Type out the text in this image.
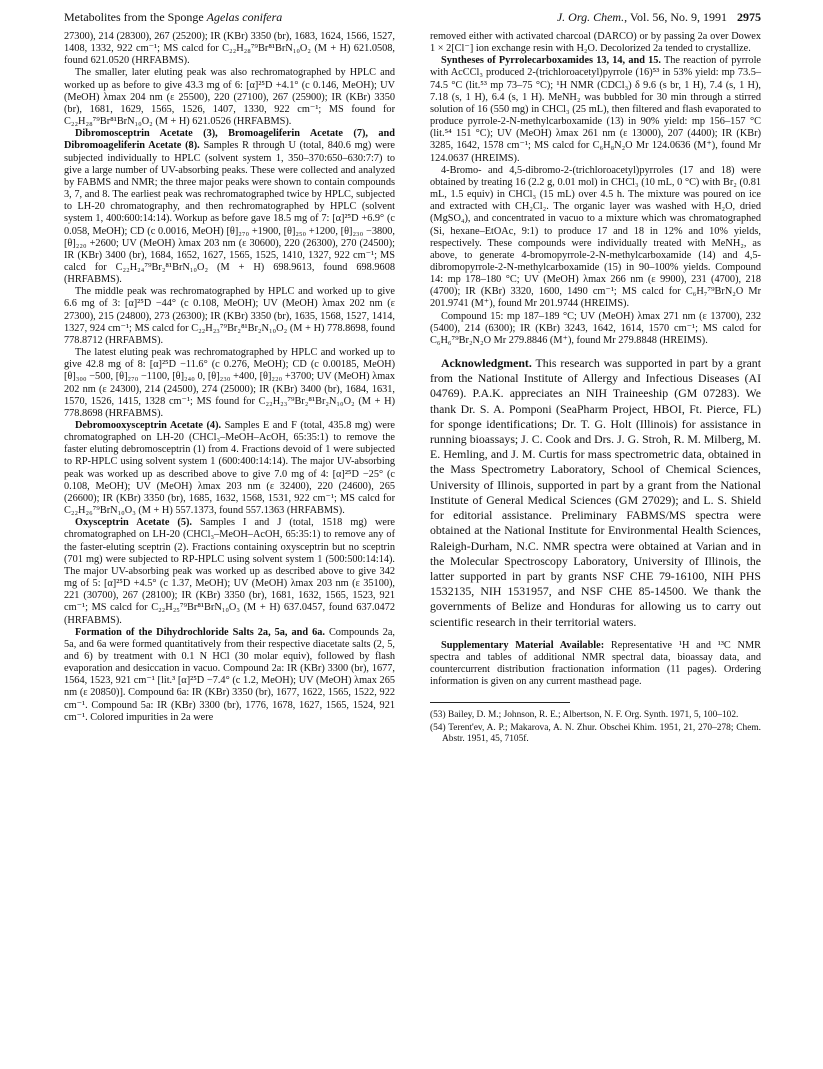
Metabolites from the Sponge Agelas conifera	J. Org. Chem., Vol. 56, No. 9, 1991 2975

27300), 214 (28300), 267 (25200); IR (KBr) 3350 (br), 1683, 1624, 1566, 1527, 1408, 1332, 922 cm⁻¹; MS calcd for C₂₂H₂₈⁷⁹Br⁸¹BrN₁₀O₂ (M + H) 621.0508, found 621.0520 (HRFABMS).

The smaller, later eluting peak was also rechromatographed by HPLC and worked up as before to give 43.3 mg of 6: [α]²⁵D +4.1° (c 0.146, MeOH); UV (MeOH) λmax 204 nm (ε 25500), 220 (27100), 267 (25900); IR (KBr) 3350 (br), 1681, 1629, 1565, 1526, 1407, 1330, 922 cm⁻¹; MS found for C₂₂H₂₈⁷⁹Br⁸¹BrN₁₀O₂ (M + H) 621.0526 (HRFABMS).

Dibromosceptrin Acetate (3), Bromoageliferin Acetate (7), and Dibromoageliferin Acetate (8). Samples R through U (total, 840.6 mg) were subjected individually to HPLC (solvent system 1, 350–370:650–630:7:7) to give a large number of UV-absorbing peaks. These were collected and analyzed by FABMS and NMR; the three major peaks were shown to contain compounds 3, 7, and 8. The earliest peak was rechromatographed twice by HPLC, subjected to LH-20 chromatography, and then rechromatographed by HPLC (solvent system 1, 400:600:14:14). Workup as before gave 18.5 mg of 7: [α]²⁵D +6.9° (c 0.058, MeOH); CD (c 0.0016, MeOH) [θ]₂₇₀ +1900, [θ]₂₅₀ +1200, [θ]₂₃₀ −3800, [θ]₂₂₀ +2600; UV (MeOH) λmax 203 nm (ε 30600), 220 (26300), 270 (24500); IR (KBr) 3400 (br), 1684, 1652, 1627, 1565, 1525, 1410, 1327, 922 cm⁻¹; MS calcd for C₂₂H₂₄⁷⁹Br₂⁸¹BrN₁₀O₂ (M + H) 698.9613, found 698.9608 (HRFABMS).

The middle peak was rechromatographed by HPLC and worked up to give 6.6 mg of 3: [α]²⁵D −44° (c 0.108, MeOH); UV (MeOH) λmax 202 nm (ε 27300), 215 (24800), 273 (26300); IR (KBr) 3350 (br), 1635, 1568, 1527, 1414, 1327, 924 cm⁻¹; MS calcd for C₂₂H₂₃⁷⁹Br₂⁸¹Br₂N₁₀O₂ (M + H) 778.8698, found 778.8712 (HRFABMS).

The latest eluting peak was rechromatographed by HPLC and worked up to give 42.8 mg of 8: [α]²⁵D −11.6° (c 0.276, MeOH); CD (c 0.00185, MeOH) [θ]₃₀₀ −500, [θ]₂₇₀ −1100, [θ]₂₄₀ 0, [θ]₂₃₀ +400, [θ]₂₂₀ +3700; UV (MeOH) λmax 202 nm (ε 24300), 214 (24500), 274 (25000); IR (KBr) 3400 (br), 1684, 1631, 1570, 1526, 1415, 1328 cm⁻¹; MS found for C₂₂H₂₃⁷⁹Br₂⁸¹Br₂N₁₀O₂ (M + H) 778.8698 (HRFABMS).

Debromooxysceptrin Acetate (4). Samples E and F (total, 435.8 mg) were chromatographed on LH-20 (CHCl₃–MeOH–AcOH, 65:35:1) to remove the faster eluting debromosceptrin (1) from 4. Fractions devoid of 1 were subjected to RP-HPLC using solvent system 1 (600:400:14:14). The major UV-absorbing peak was worked up as described above to give 7.0 mg of 4: [α]²⁵D −25° (c 0.108, MeOH); UV (MeOH) λmax 203 nm (ε 32400), 220 (24600), 265 (26600); IR (KBr) 3350 (br), 1685, 1632, 1568, 1531, 922 cm⁻¹; MS calcd for C₂₂H₂₆⁷⁹BrN₁₀O₃ (M + H) 557.1373, found 557.1363 (HRFABMS).

Oxysceptrin Acetate (5). Samples I and J (total, 1518 mg) were chromatographed on LH-20 (CHCl₃–MeOH–AcOH, 65:35:1) to remove any of the faster-eluting sceptrin (2). Fractions containing oxysceptrin but no sceptrin (701 mg) were subjected to RP-HPLC using solvent system 1 (500:500:14:14). The major UV-absorbing peak was worked up as described above to give 342 mg of 5: [α]²⁵D +4.5° (c 1.37, MeOH); UV (MeOH) λmax 203 nm (ε 35100), 221 (30700), 267 (28100); IR (KBr) 3350 (br), 1681, 1632, 1565, 1523, 921 cm⁻¹; MS calcd for C₂₂H₂₅⁷⁹Br⁸¹BrN₁₀O₃ (M + H) 637.0457, found 637.0472 (HRFABMS).

Formation of the Dihydrochloride Salts 2a, 5a, and 6a. Compounds 2a, 5a, and 6a were formed quantitatively from their respective diacetate salts (2, 5, and 6) by treatment with 0.1 N HCl (30 molar equiv), followed by flash evaporation and desiccation in vacuo. Compound 2a: IR (KBr) 3300 (br), 1677, 1564, 1523, 921 cm⁻¹ [lit.³ [α]²⁵D −7.4° (c 1.2, MeOH); UV (MeOH) λmax 265 nm (ε 20850)]. Compound 6a: IR (KBr) 3350 (br), 1677, 1622, 1565, 1522, 922 cm⁻¹. Compound 5a: IR (KBr) 3300 (br), 1776, 1678, 1627, 1565, 1524, 921 cm⁻¹. Colored impurities in 2a were

removed either with activated charcoal (DARCO) or by passing 2a over Dowex 1 × 2[Cl⁻] ion exchange resin with H₂O. Decolorized 2a tended to crystallize.

Syntheses of Pyrrolecarboxamides 13, 14, and 15. The reaction of pyrrole with AcCCl₃ produced 2-(trichloroacetyl)pyrrole (16)⁵³ in 53% yield: mp 73.5–74.5 °C (lit.⁵³ mp 73–75 °C); ¹H NMR (CDCl₃) δ 9.6 (s br, 1 H), 7.4 (s, 1 H), 7.18 (s, 1 H), 6.4 (s, 1 H). MeNH₂ was bubbled for 30 min through a stirred solution of 16 (550 mg) in CHCl₃ (25 mL), then filtered and flash evaporated to produce pyrrole-2-N-methylcarboxamide (13) in 90% yield: mp 156–157 °C (lit.⁵⁴ 151 °C); UV (MeOH) λmax 261 nm (ε 13000), 207 (4400); IR (KBr) 3285, 1642, 1578 cm⁻¹; MS calcd for C₆H₈N₂O Mr 124.0636 (M⁺), found Mr 124.0637 (HREIMS).

4-Bromo- and 4,5-dibromo-2-(trichloroacetyl)pyrroles (17 and 18) were obtained by treating 16 (2.2 g, 0.01 mol) in CHCl₃ (10 mL, 0 °C) with Br₂ (0.81 mL, 1.5 equiv) in CHCl₃ (15 mL) over 4.5 h. The mixture was poured on ice and extracted with CH₂Cl₂. The organic layer was washed with H₂O, dried (MgSO₄), and concentrated in vacuo to a mixture which was chromatographed (Si, hexane–EtOAc, 9:1) to produce 17 and 18 in 12% and 10% yields, respectively. These compounds were individually treated with MeNH₂, as above, to generate 4-bromopyrrole-2-N-methylcarboxamide (14) and 4,5-dibromopyrrole-2-N-methylcarboxamide (15) in 90–100% yields. Compound 14: mp 178–180 °C; UV (MeOH) λmax 266 nm (ε 9900), 231 (4700), 218 (4700); IR (KBr) 3320, 1600, 1490 cm⁻¹; MS calcd for C₆H₇⁷⁹BrN₂O Mr 201.9741 (M⁺), found Mr 201.9744 (HREIMS).

Compound 15: mp 187–189 °C; UV (MeOH) λmax 271 nm (ε 13700), 232 (5400), 214 (6300); IR (KBr) 3243, 1642, 1614, 1570 cm⁻¹; MS calcd for C₆H₆⁷⁹Br₂N₂O Mr 279.8846 (M⁺), found Mr 279.8848 (HREIMS).

Acknowledgment. This research was supported in part by a grant from the National Institute of Allergy and Infectious Diseases (AI 04769). P.A.K. appreciates an NIH Traineeship (GM 07283). We thank Dr. S. A. Pomponi (SeaPharm Project, HBOI, Ft. Pierce, FL) for sponge identifications; Dr. T. G. Holt (Illinois) for assistance in running bioassays; J. C. Cook and Drs. J. G. Stroh, R. M. Milberg, M. E. Hemling, and J. M. Curtis for mass spectrometric data, obtained in the Mass Spectrometry Laboratory, School of Chemical Sciences, University of Illinois, supported in part by a grant from the National Institute of General Medical Sciences (GM 27029); and L. S. Shield for editorial assistance. Preliminary FABMS/MS spectra were obtained at the National Institute for Environmental Health Sciences, Raleigh-Durham, N.C. NMR spectra were obtained at Varian and in the Molecular Spectroscopy Laboratory, University of Illinois, the latter supported in part by grants NSF CHE 79-16100, NIH PHS 1532135, NIH 1531957, and NSF CHE 85-14500. We thank the governments of Belize and Honduras for allowing us to carry out scientific research in their territorial waters.

Supplementary Material Available: Representative ¹H and ¹³C NMR spectra and tables of additional NMR spectral data, bioassay data, and countercurrent distribution fractionation information (11 pages). Ordering information is given on any current masthead page.

(53) Bailey, D. M.; Johnson, R. E.; Albertson, N. F. Org. Synth. 1971, 5, 100–102.
(54) Terent'ev, A. P.; Makarova, A. N. Zhur. Obschei Khim. 1951, 21, 270–278; Chem. Abstr. 1951, 45, 7105f.
